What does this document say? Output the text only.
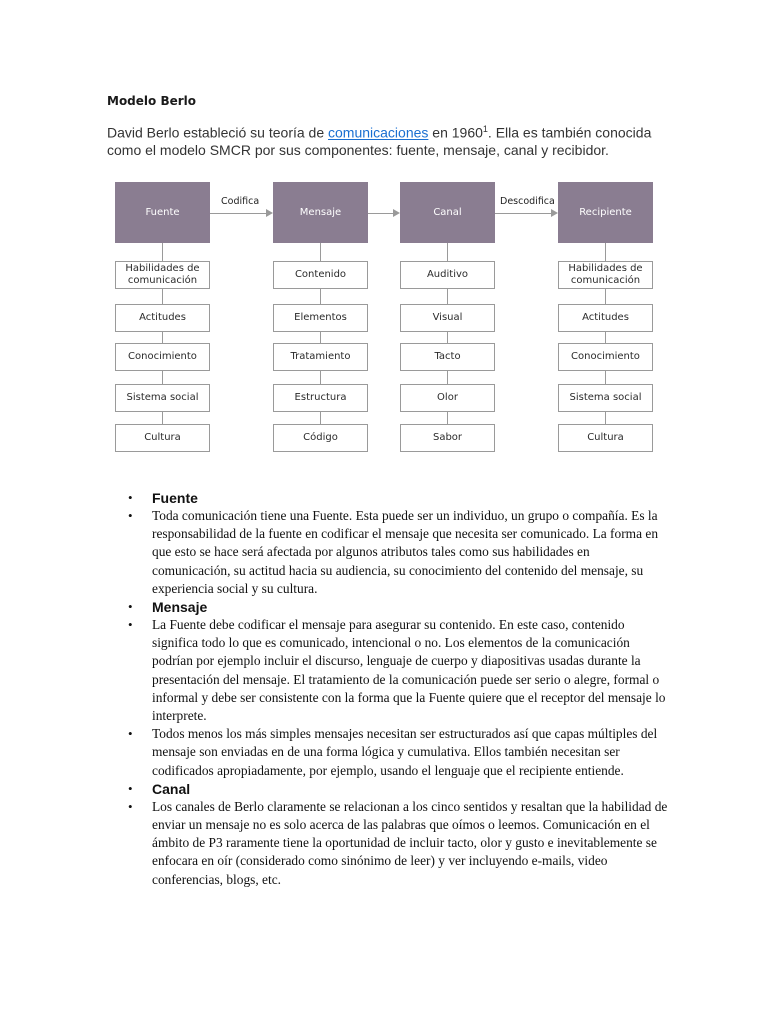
Modelo Berlo
David Berlo estableció su teoría de comunicaciones en 1960$^1$. Ella es también conocida como el modelo SMCR por sus componentes: fuente, mensaje, canal y recibidor.
Fuente
Habilidades de comunicación
Actitudes
Conocimiento
Sistema social
Cultura
Mensaje
Contenido
Elementos
Tratamiento
Estructura
Código
Canal
Auditivo
Visual
Tacto
Olor
Sabor
Recipiente
Habilidades de comunicación
Actitudes
Conocimiento
Sistema social
Cultura
Codifica	Descodifica
• Fuente
• Toda comunicación tiene una Fuente. Esta puede ser un individuo, un grupo o compañía. Es la responsabilidad de la fuente en codificar el mensaje que necesita ser comunicado. La forma en que esto se hace será afectada por algunos atributos tales como sus habilidades en comunicación, su actitud hacia su audiencia, su conocimiento del contenido del mensaje, su experiencia social y su cultura.
• Mensaje
• La Fuente debe codificar el mensaje para asegurar su contenido. En este caso, contenido significa todo lo que es comunicado, intencional o no. Los elementos de la comunicación podrían por ejemplo incluir el discurso, lenguaje de cuerpo y diapositivas usadas durante la presentación del mensaje. El tratamiento de la comunicación puede ser serio o alegre, formal o informal y debe ser consistente con la forma que la Fuente quiere que el receptor del mensaje lo interprete.
• Todos menos los más simples mensajes necesitan ser estructurados así que capas múltiples del mensaje son enviadas en de una forma lógica y cumulativa. Ellos también necesitan ser codificados apropiadamente, por ejemplo, usando el lenguaje que el recipiente entiende.
• Canal
• Los canales de Berlo claramente se relacionan a los cinco sentidos y resaltan que la habilidad de enviar un mensaje no es solo acerca de las palabras que oímos o leemos. Comunicación en el ámbito de P3 raramente tiene la oportunidad de incluir tacto, olor y gusto e inevitablemente se enfocara en oír (considerado como sinónimo de leer) y ver incluyendo e-mails, video conferencias, blogs, etc.
